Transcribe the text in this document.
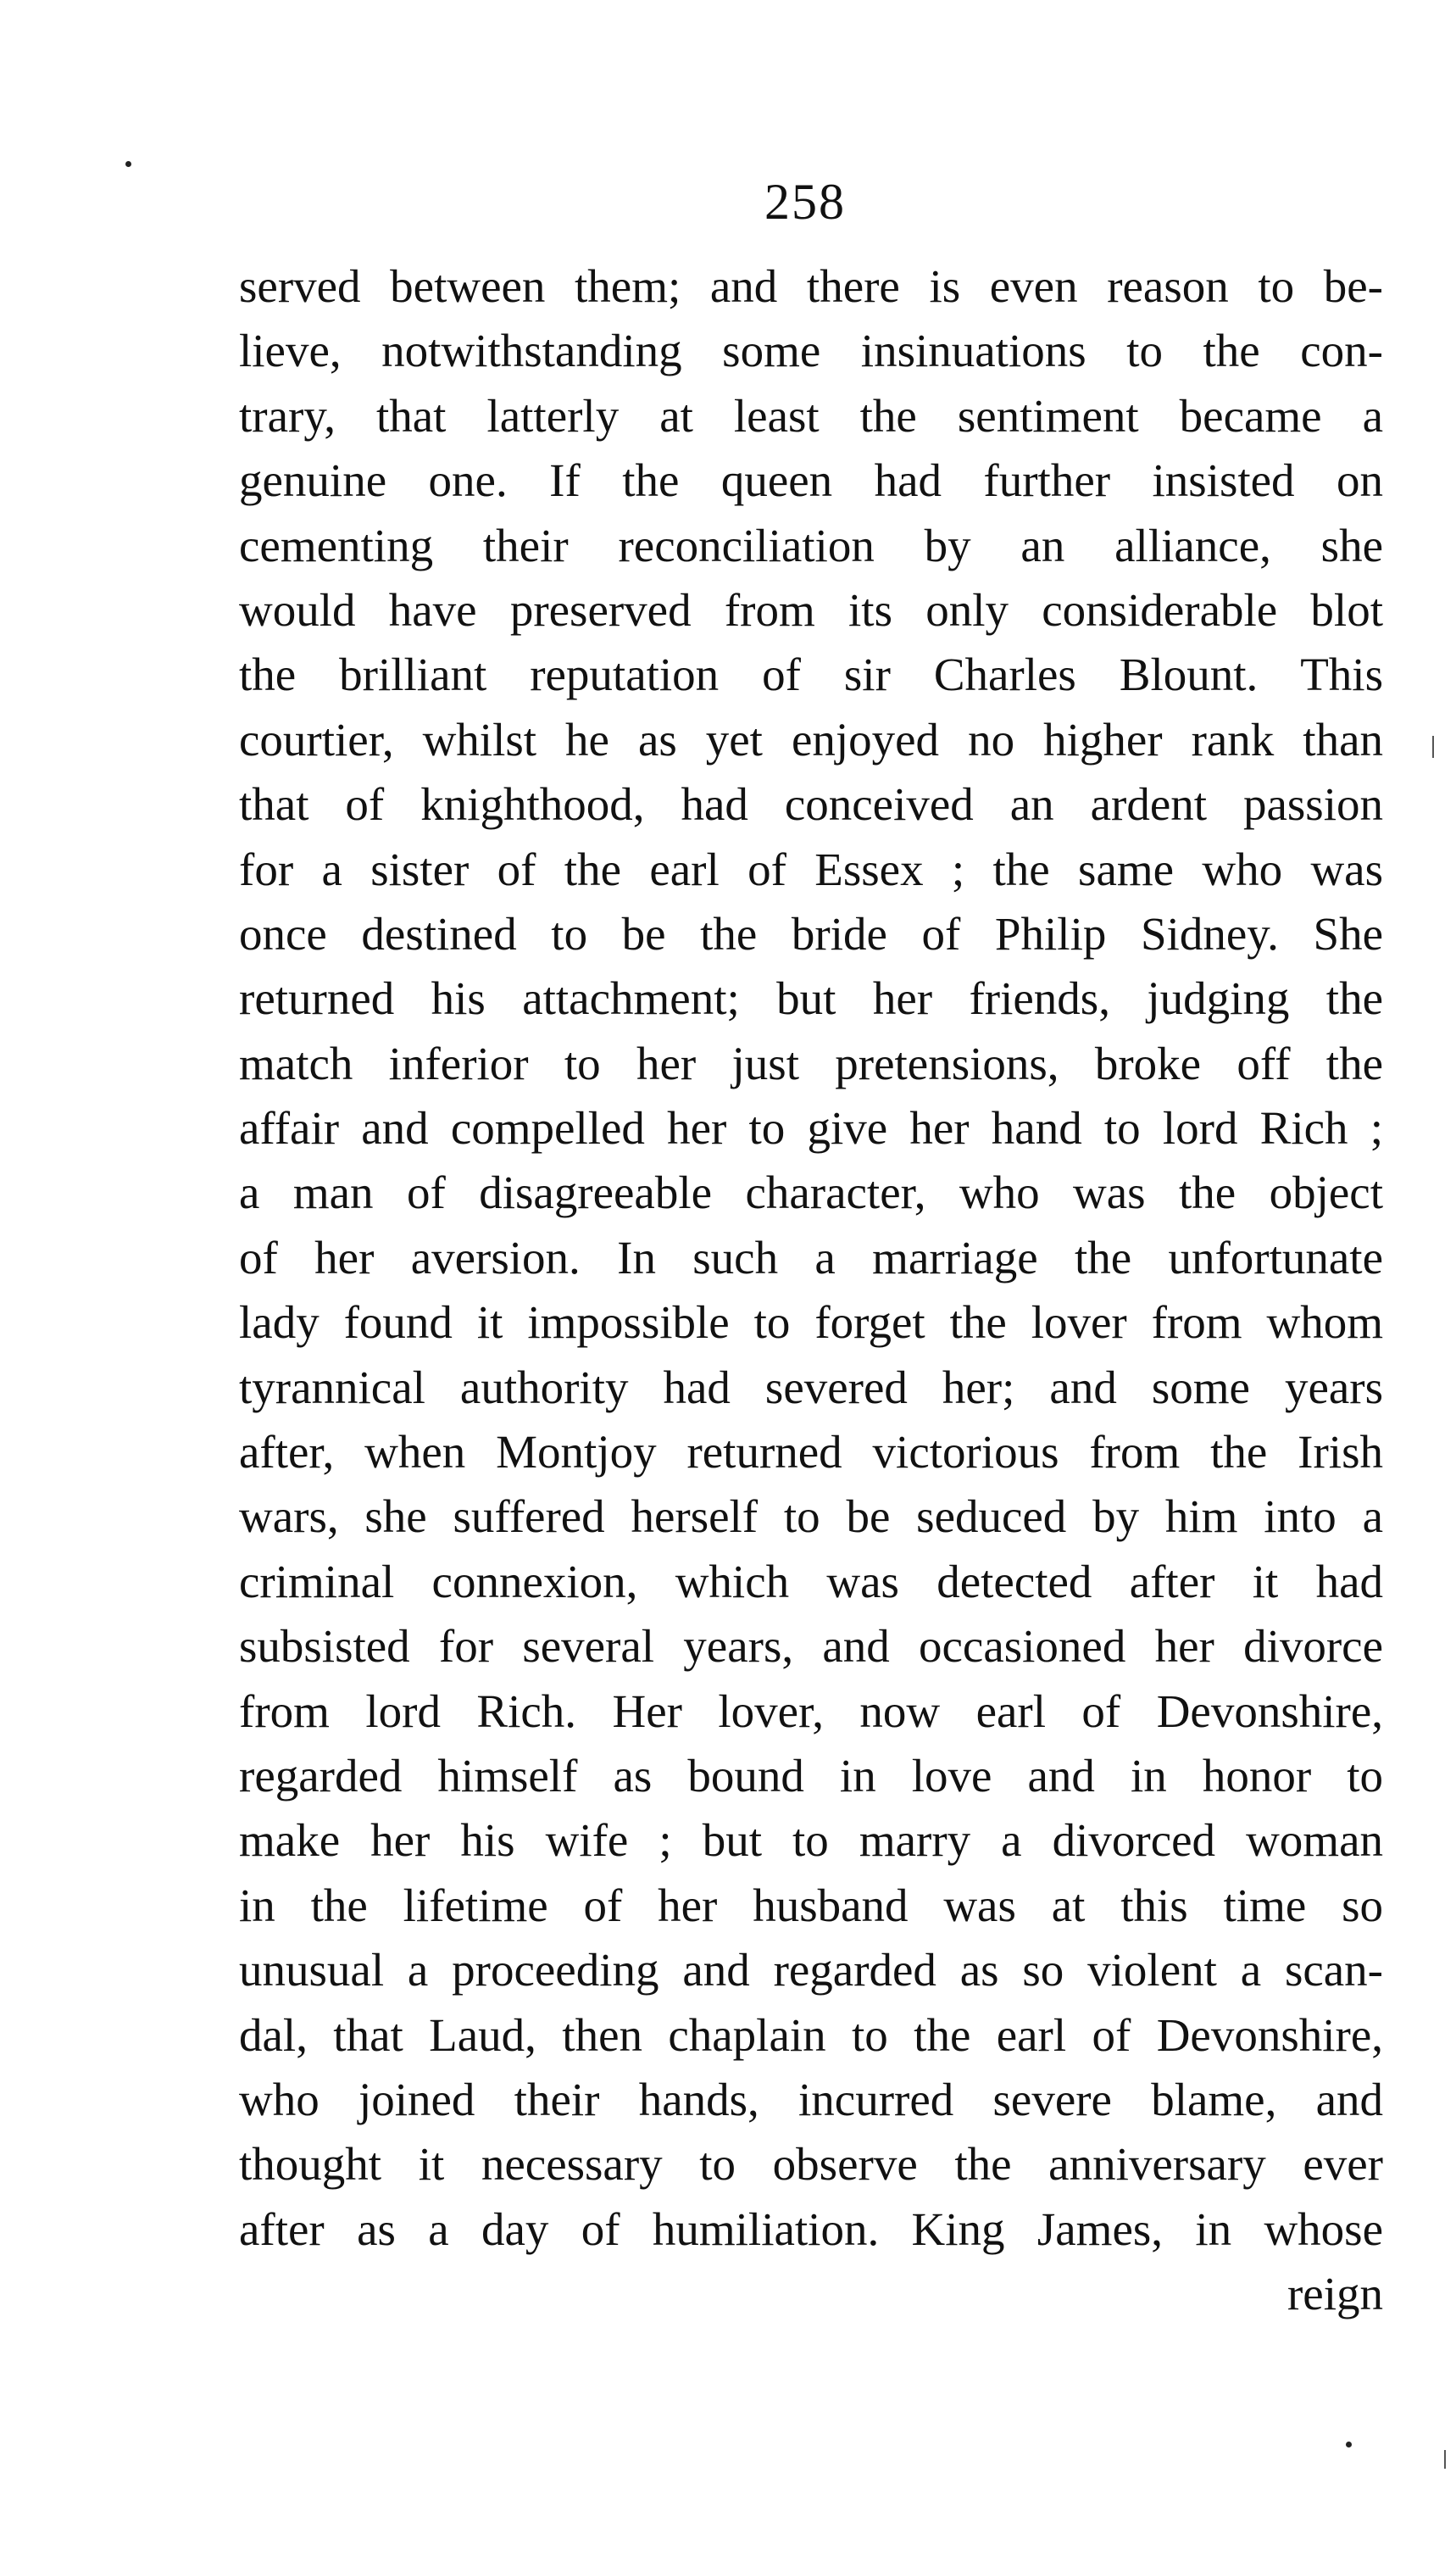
258
served between them; and there is even reason to be-
lieve, notwithstanding some insinuations to the con-
trary, that latterly at least the sentiment became a
genuine one. If the queen had further insisted on
cementing their reconciliation by an alliance, she
would have preserved from its only considerable blot
the brilliant reputation of sir Charles Blount. This
courtier, whilst he as yet enjoyed no higher rank than
that of knighthood, had conceived an ardent passion
for a sister of the earl of Essex ; the same who was
once destined to be the bride of Philip Sidney. She
returned his attachment; but her friends, judging the
match inferior to her just pretensions, broke off the
affair and compelled her to give her hand to lord Rich ;
a man of disagreeable character, who was the object
of her aversion. In such a marriage the unfortunate
lady found it impossible to forget the lover from whom
tyrannical authority had severed her; and some years
after, when Montjoy returned victorious from the Irish
wars, she suffered herself to be seduced by him into a
criminal connexion, which was detected after it had
subsisted for several years, and occasioned her divorce
from lord Rich. Her lover, now earl of Devonshire,
regarded himself as bound in love and in honor to
make her his wife ; but to marry a divorced woman
in the lifetime of her husband was at this time so
unusual a proceeding and regarded as so violent a scan-
dal, that Laud, then chaplain to the earl of Devonshire,
who joined their hands, incurred severe blame, and
thought it necessary to observe the anniversary ever
after as a day of humiliation. King James, in whose
reign
